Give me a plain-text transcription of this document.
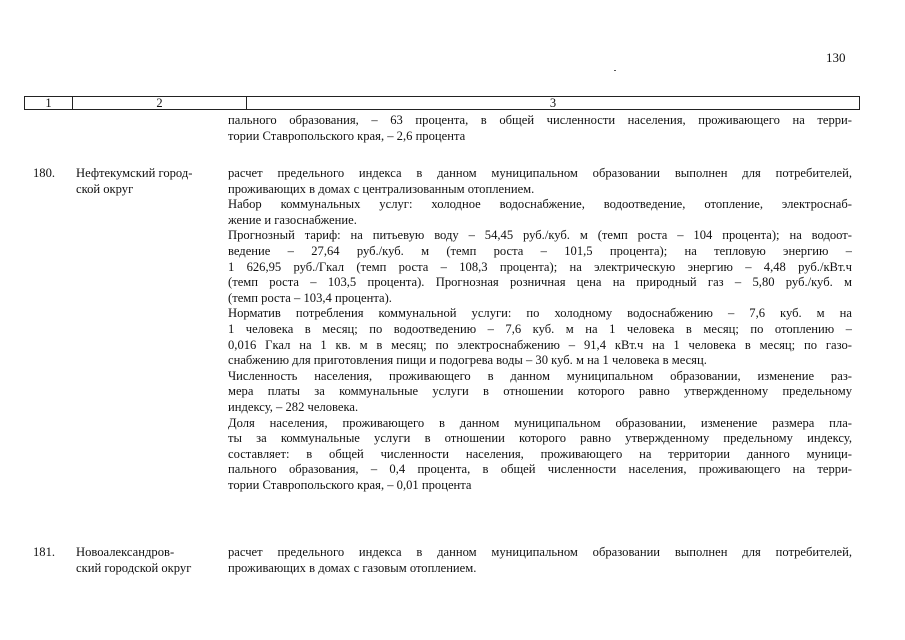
130
1	2	3
пального образования, – 63 процента, в общей численности населения, проживающего на терри-
тории Ставропольского края, – 2,6 процента
180. Нефтекумский город-
ской округ
расчет предельного индекса в данном муниципальном образовании выполнен для потребителей,
проживающих в домах с централизованным отоплением.
Набор коммунальных услуг: холодное водоснабжение, водоотведение, отопление, электроснаб-
жение и газоснабжение.
Прогнозный тариф: на питьевую воду – 54,45 руб./куб. м (темп роста – 104 процента); на водоот-
ведение – 27,64 руб./куб. м (темп роста – 101,5 процента); на тепловую энергию –
1 626,95 руб./Гкал (темп роста – 108,3 процента); на электрическую энергию – 4,48 руб./кВт.ч
(темп роста – 103,5 процента). Прогнозная розничная цена на природный газ – 5,80 руб./куб. м
(темп роста – 103,4 процента).
Норматив потребления коммунальной услуги: по холодному водоснабжению – 7,6 куб. м на
1 человека в месяц; по водоотведению – 7,6 куб. м на 1 человека в месяц; по отоплению –
0,016 Гкал на 1 кв. м в месяц; по электроснабжению – 91,4 кВт.ч на 1 человека в месяц; по газо-
снабжению для приготовления пищи и подогрева воды – 30 куб. м на 1 человека в месяц.
Численность населения, проживающего в данном муниципальном образовании, изменение раз-
мера платы за коммунальные услуги в отношении которого равно утвержденному предельному
индексу, – 282 человека.
Доля населения, проживающего в данном муниципальном образовании, изменение размера пла-
ты за коммунальные услуги в отношении которого равно утвержденному предельному индексу,
составляет: в общей численности населения, проживающего на территории данного муници-
пального образования, – 0,4 процента, в общей численности населения, проживающего на терри-
тории Ставропольского края, – 0,01 процента
181. Новоалександров-
ский городской округ
расчет предельного индекса в данном муниципальном образовании выполнен для потребителей,
проживающих в домах с газовым отоплением.
